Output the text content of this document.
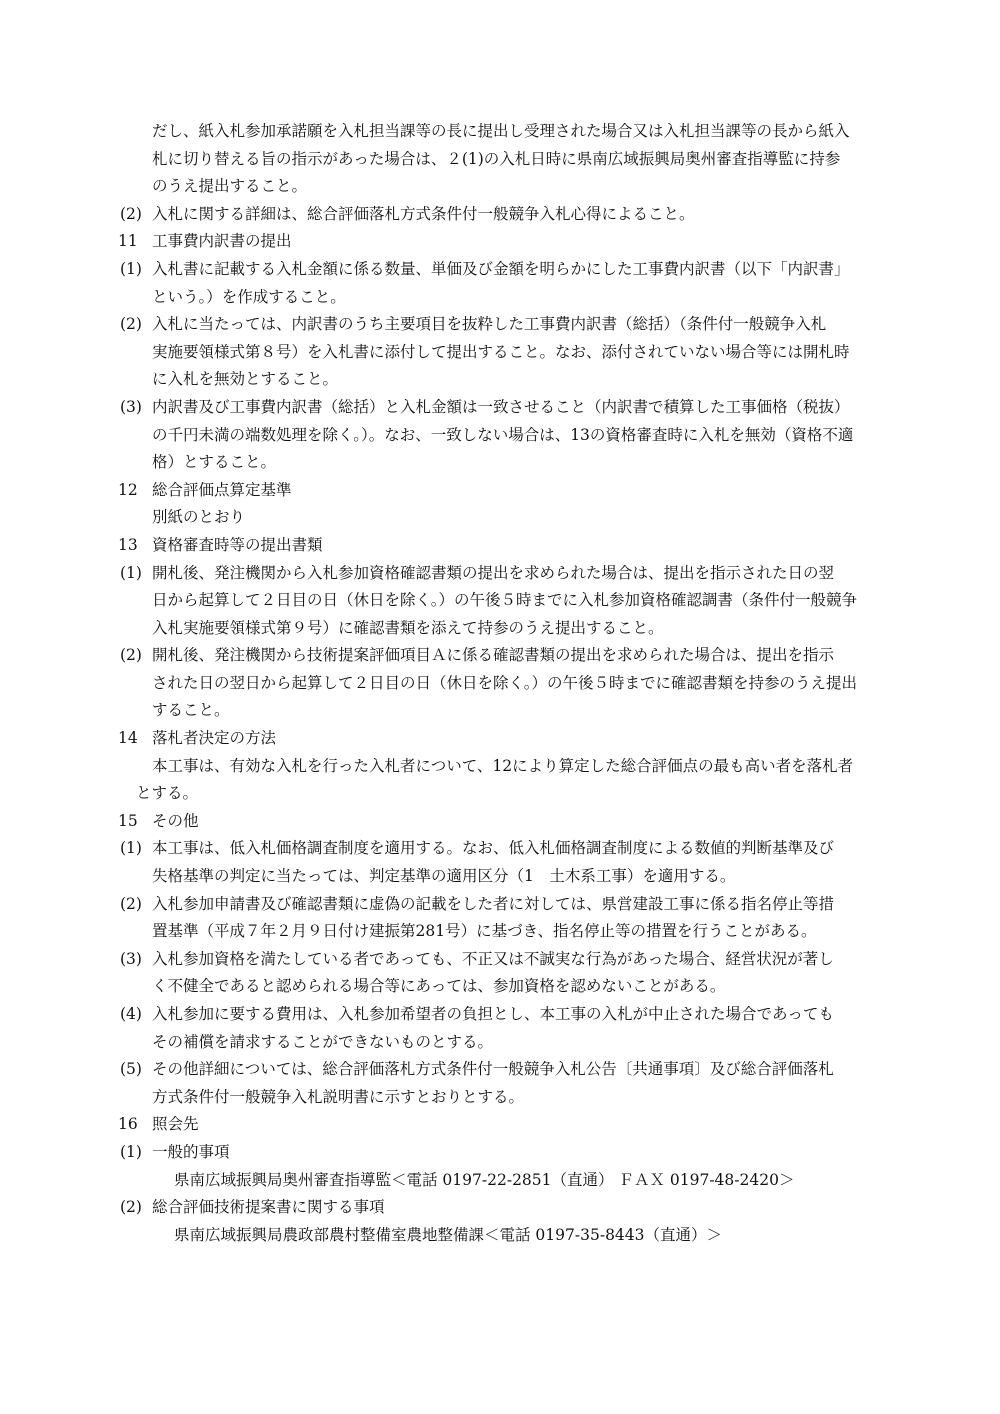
だし、紙入札参加承諾願を入札担当課等の長に提出し受理された場合又は入札担当課等の長から紙入
札に切り替える旨の指示があった場合は、２(1)の入札日時に県南広域振興局奥州審査指導監に持参
のうえ提出すること。
(2) 入札に関する詳細は、総合評価落札方式条件付一般競争入札心得によること。
11 工事費内訳書の提出
(1) 入札書に記載する入札金額に係る数量、単価及び金額を明らかにした工事費内訳書（以下「内訳書」
という。）を作成すること。
(2) 入札に当たっては、内訳書のうち主要項目を抜粋した工事費内訳書（総括）（条件付一般競争入札
実施要領様式第８号）を入札書に添付して提出すること。なお、添付されていない場合等には開札時
に入札を無効とすること。
(3) 内訳書及び工事費内訳書（総括）と入札金額は一致させること（内訳書で積算した工事価格（税抜）
の千円未満の端数処理を除く。）。なお、一致しない場合は、13の資格審査時に入札を無効（資格不適
格）とすること。
12 総合評価点算定基準
別紙のとおり
13 資格審査時等の提出書類
(1) 開札後、発注機関から入札参加資格確認書類の提出を求められた場合は、提出を指示された日の翌
日から起算して２日目の日（休日を除く。）の午後５時までに入札参加資格確認調書（条件付一般競争
入札実施要領様式第９号）に確認書類を添えて持参のうえ提出すること。
(2) 開札後、発注機関から技術提案評価項目Ａに係る確認書類の提出を求められた場合は、提出を指示
された日の翌日から起算して２日目の日（休日を除く。）の午後５時までに確認書類を持参のうえ提出
すること。
14 落札者決定の方法
本工事は、有効な入札を行った入札者について、12により算定した総合評価点の最も高い者を落札者
とする。
15 その他
(1) 本工事は、低入札価格調査制度を適用する。なお、低入札価格調査制度による数値的判断基準及び
失格基準の判定に当たっては、判定基準の適用区分（1　土木系工事）を適用する。
(2) 入札参加申請書及び確認書類に虚偽の記載をした者に対しては、県営建設工事に係る指名停止等措
置基準（平成７年２月９日付け建振第281号）に基づき、指名停止等の措置を行うことがある。
(3) 入札参加資格を満たしている者であっても、不正又は不誠実な行為があった場合、経営状況が著し
く不健全であると認められる場合等にあっては、参加資格を認めないことがある。
(4) 入札参加に要する費用は、入札参加希望者の負担とし、本工事の入札が中止された場合であっても
その補償を請求することができないものとする。
(5) その他詳細については、総合評価落札方式条件付一般競争入札公告〔共通事項〕及び総合評価落札
方式条件付一般競争入札説明書に示すとおりとする。
16 照会先
(1) 一般的事項
県南広域振興局奥州審査指導監＜電話 0197-22-2851（直通） ＦＡＸ 0197-48-2420＞
(2) 総合評価技術提案書に関する事項
県南広域振興局農政部農村整備室農地整備課＜電話 0197-35-8443（直通）＞
